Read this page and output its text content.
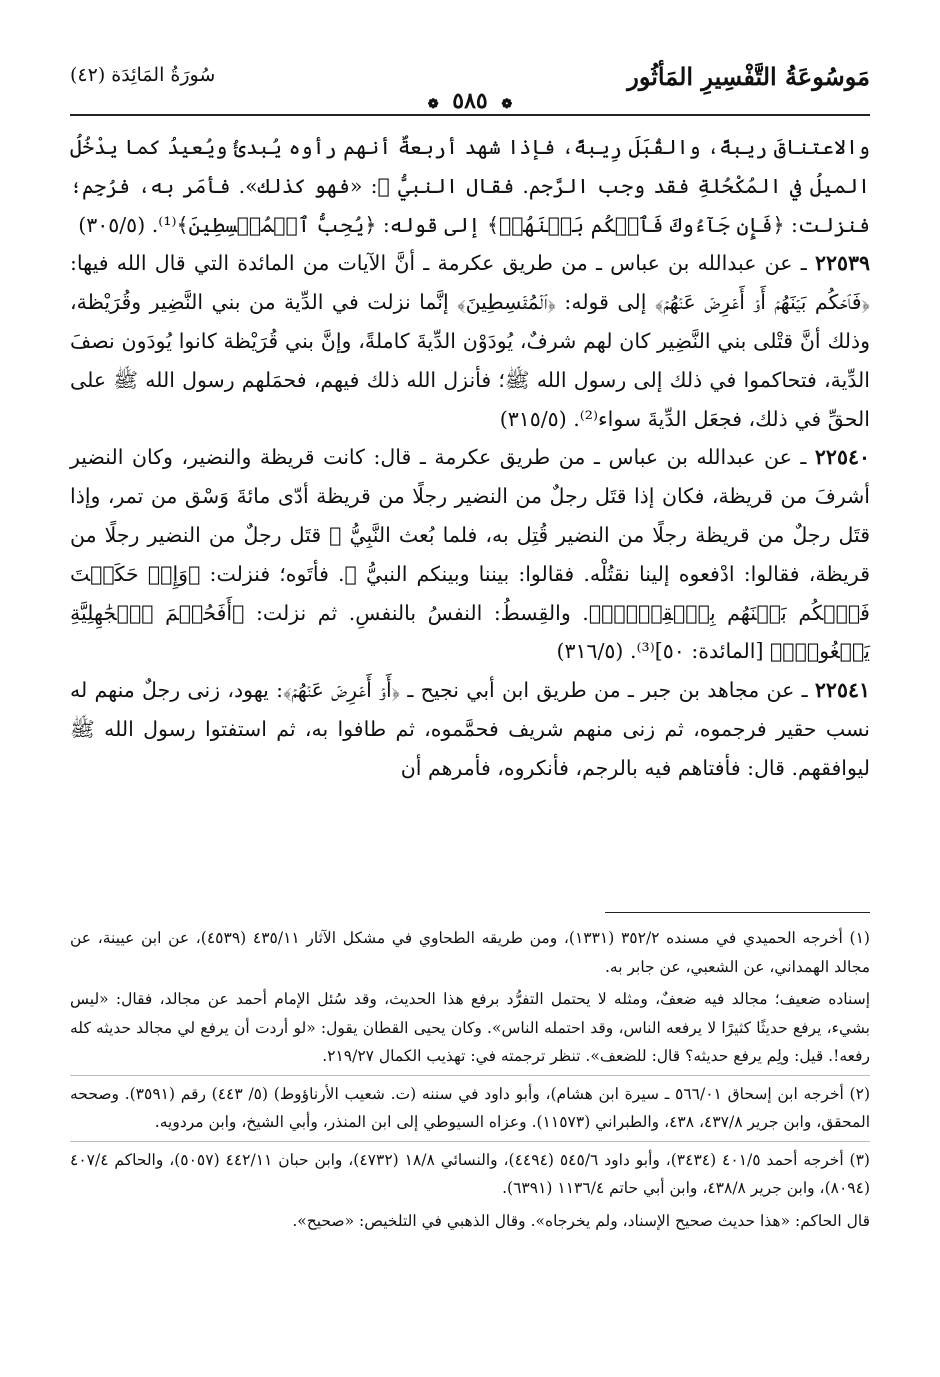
مَوسُوعَةُ التَّفْسِيرِ المَأثُور
سُورَةُ المَائِدَة (٤٢)
❁ ٥٨٥ ❁

والاعتناقَ ريبةً، والقُبَلَ رِيبةً، فإذا شهد أربعةٌ أنهم رأوه يُبدئُ ويُعيدُ كما يدْخُلُ الميلُ في المُكْحُلةِ فقد وجب الرَّجم. فقال النبيُّ ﷺ: «فهو كذلك». فأمَر به، فرُجِم؛ فنزلت: ﴿فَإِن جَآءُوكَ فَٱحۡكُم بَيۡنَهُمۡ﴾ إلى قوله: ﴿يُحِبُّ ٱلۡمُقۡسِطِينَ﴾⁽¹⁾. (٣٠٥/٥)

٢٢٥٣٩ ـ عن عبدالله بن عباس ـ من طريق عكرمة ـ أنَّ الآيات من المائدة التي قال الله فيها: ﴿فَٱحۡكُم بَيۡنَهُمۡ أَوۡ أَعۡرِضۡ عَنۡهُمۡ﴾ إلى قوله: ﴿ٱلۡمُقۡسِطِينَ﴾ إنَّما نزلت في الدِّية من بني النَّضِير وقُرَيْظة، وذلك أنَّ قتْلى بني النَّضِير كان لهم شرفٌ، يُودَوْن الدِّيةَ كاملةً، وإنَّ بني قُرَيْظة كانوا يُودَون نصفَ الدِّية، فتحاكموا في ذلك إلى رسول الله ﷺ؛ فأنزل الله ذلك فيهم، فحمَلهم رسول الله ﷺ على الحقِّ في ذلك، فجعَل الدِّيةَ سواء⁽²⁾. (٣١٥/٥)

٢٢٥٤٠ ـ عن عبدالله بن عباس ـ من طريق عكرمة ـ قال: كانت قريظة والنضير، وكان النضير أشرفَ من قريظة، فكان إذا قتَل رجلٌ من النضير رجلًا من قريظة أدّى مائةَ وَسْق من تمر، وإذا قتَل رجلٌ من قريظة رجلًا من النضير قُتِل به، فلما بُعث النَّبِيُّ ﷺ قتَل رجلٌ من النضير رجلًا من قريظة، فقالوا: ادْفعوه إلينا نقتُلْه. فقالوا: بيننا وبينكم النبيُّ ﷺ. فأتَوه؛ فنزلت: ﴿وَإِنۡ حَكَمۡتَ فَٱحۡكُم بَيۡنَهُم بِٱلۡقِسۡطِۚ﴾. والقِسطُ: النفسُ بالنفسِ. ثم نزلت: ﴿أَفَحُكۡمَ ٱلۡجَٰهِلِيَّةِ يَبۡغُونَۚ﴾ [المائدة: ٥٠]⁽³⁾. (٣١٦/٥)

٢٢٥٤١ ـ عن مجاهد بن جبر ـ من طريق ابن أبي نجيح ـ ﴿أَوۡ أَعۡرِضۡ عَنۡهُمۡ﴾: يهود، زنى رجلٌ منهم له نسب حقير فرجموه، ثم زنى منهم شريف فحمَّموه، ثم طافوا به، ثم استفتوا رسول الله ﷺ ليوافقهم. قال: فأفتاهم فيه بالرجم، فأنكروه، فأمرهم أن

(١) أخرجه الحميدي في مسنده ٣٥٢/٢ (١٣٣١)، ومن طريقه الطحاوي في مشكل الآثار ٤٣٥/١١ (٤٥٣٩)، عن ابن عيينة، عن مجالد الهمداني، عن الشعبي، عن جابر به.

إسناده ضعيف؛ مجالد فيه ضعفٌ، ومثله لا يحتمل التفرُّد برفع هذا الحديث، وقد سُئل الإمام أحمد عن مجالد، فقال: «ليس بشيء، يرفع حديثًا كثيرًا لا يرفعه الناس، وقد احتمله الناس». وكان يحيى القطان يقول: «لو أردت أن يرفع لي مجالد حديثه كله رفعه!. قيل: ولِم يرفع حديثه؟ قال: للضعف». تنظر ترجمته في: تهذيب الكمال ٢١٩/٢٧.

(٢) أخرجه ابن إسحاق ٥٦٦/٠١ ـ سيرة ابن هشام)، وأبو داود في سننه (ت. شعيب الأرناؤوط) (٥/ ٤٤٣) رقم (٣٥٩١). وصححه المحقق، وابن جرير ٤٣٧/٨، ٤٣٨، والطبراني (١١٥٧٣). وعزاه السيوطي إلى ابن المنذر، وأبي الشيخ، وابن مردويه.

(٣) أخرجه أحمد ٤٠١/٥ (٣٤٣٤)، وأبو داود ٥٤٥/٦ (٤٤٩٤)، والنسائي ١٨/٨ (٤٧٣٢)، وابن حبان ٤٤٢/١١ (٥٠٥٧)، والحاكم ٤٠٧/٤ (٨٠٩٤)، وابن جرير ٤٣٨/٨، وابن أبي حاتم ١١٣٦/٤ (٦٣٩١).

قال الحاكم: «هذا حديث صحيح الإسناد، ولم يخرجاه». وقال الذهبي في التلخيص: «صحيح».
